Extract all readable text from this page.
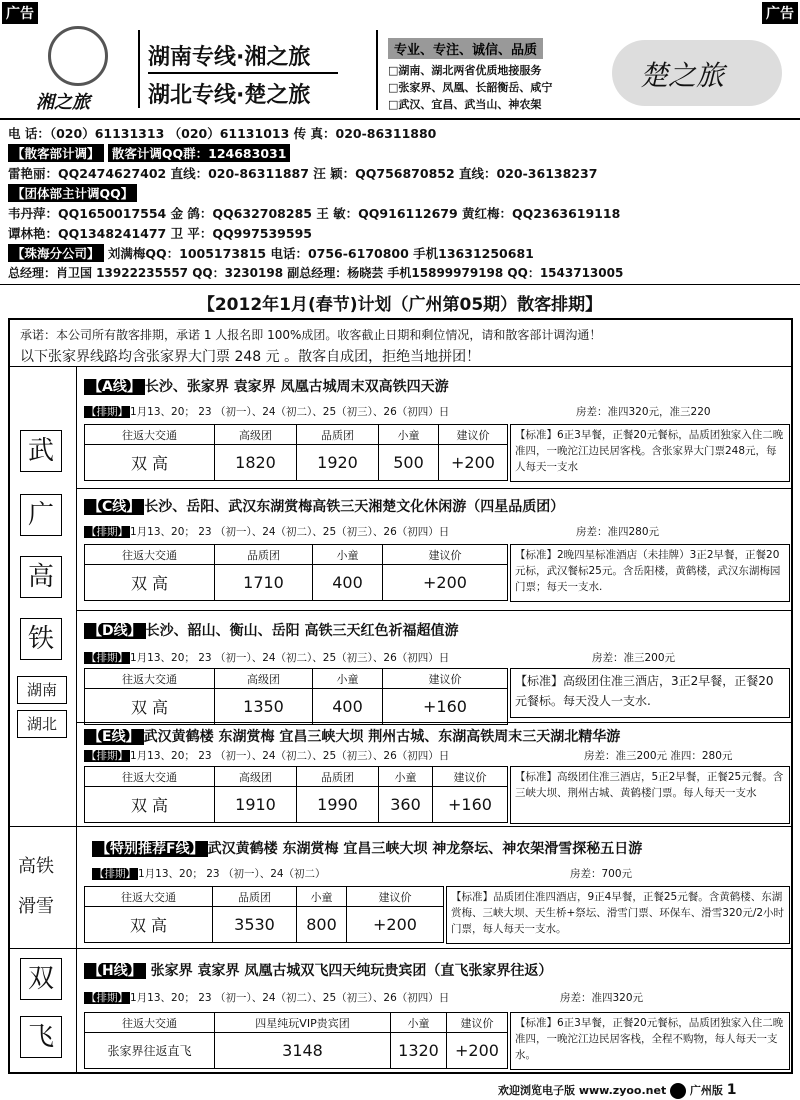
广告	广告
湘之旅
湖南专线·湘之旅
湖北专线·楚之旅
专业、专注、诚信、品质
□湖南、湖北两省优质地接服务
□张家界、凤凰、长韶衡岳、咸宁
□武汉、宜昌、武当山、神农架
楚之旅
电 话：（020）61131313 （020）61131013 传 真：020-86311880
【散客部计调】 散客计调QQ群：124683031
雷艳丽：QQ2474627402 直线：020-86311887 汪 颖：QQ756870852 直线：020-36138237
【团体部主计调QQ】
韦丹萍：QQ1650017554 金 鸽：QQ632708285 王 敏：QQ916112679 黄红梅：QQ2363619118
谭林艳：QQ1348241477 卫 平：QQ997539595
【珠海分公司】 刘满梅QQ：1005173815 电话：0756-6170800 手机13631250681
总经理：肖卫国 13922235557 QQ：3230198 副总经理：杨晓芸 手机15899979198 QQ：1543713005
【2012年1月(春节)计划（广州第05期）散客排期】
承诺：本公司所有散客排期，承诺 1 人报名即 100%成团。收客截止日期和剩位情况，请和散客部计调沟通！
以下张家界线路均含张家界大门票 248 元 。散客自成团，拒绝当地拼团！
武
广
高
铁
湖南
湖北
高铁
滑雪
双
飞
【A线】 长沙、张家界 袁家界 凤凰古城周末双高铁四天游
【排期】 1月13、20； 23 （初一）、24（初二）、25（初三）、26（初四）日	房差：准四320元，准三220
往返大交通	高级团	品质团	小童	建议价
双 高	1820	1920	500	+200
【标准】6正3早餐，正餐20元餐标，品质团独家入住二晚准四，一晚沱江边民居客栈。含张家界大门票248元，每人每天一支水
【C线】 长沙、岳阳、武汉东湖赏梅高铁三天湘楚文化休闲游（四星品质团）
【排期】 1月13、20； 23 （初一）、24（初二）、25（初三）、26（初四）日	房差：准四280元
往返大交通	品质团	小童	建议价
双 高	1710	400	+200
【标准】2晚四星标准酒店（未挂牌）3正2早餐，正餐20元标，武汉餐标25元。含岳阳楼，黄鹤楼，武汉东湖梅园门票；每天一支水.
【D线】 长沙、韶山、衡山、岳阳 高铁三天红色祈福超值游
【排期】 1月13、20； 23 （初一）、24（初二）、25（初三）、26（初四）日	房差：准三200元
往返大交通	高级团	小童	建议价
双 高	1350	400	+160
【标准】高级团住准三酒店，3正2早餐，正餐20元餐标。每天没人一支水.
【E线】 武汉黄鹤楼 东湖赏梅 宜昌三峡大坝 荆州古城、东湖高铁周末三天湖北精华游
【排期】 1月13、20； 23 （初一）、24（初二）、25（初三）、26（初四）日	房差：准三200元 准四：280元
往返大交通	高级团	品质团	小童	建议价
双 高	1910	1990	360	+160
【标准】高级团住准三酒店，5正2早餐，正餐25元餐。含三峡大坝、荆州古城、黄鹤楼门票。每人每天一支水
【特别推荐F线】 武汉黄鹤楼 东湖赏梅 宜昌三峡大坝 神龙祭坛、神农架滑雪探秘五日游
【排期】 1月13、20； 23 （初一）、24（初二）	房差：700元
往返大交通	品质团	小童	建议价
双 高	3530	800	+200
【标准】品质团住准四酒店，9正4早餐，正餐25元餐。含黄鹤楼、东湖赏梅、三峡大坝、天生桥+祭坛、滑雪门票、环保车、滑雪320元/2小时门票，每人每天一支水。
【H线】 张家界 袁家界 凤凰古城双飞四天纯玩贵宾团（直飞张家界往返）
【排期】 1月13、20； 23 （初一）、24（初二）、25（初三）、26（初四）日	房差：准四320元
往返大交通	四星纯玩VIP贵宾团	小童	建议价
张家界往返直飞	3148	1320	+200
【标准】6正3早餐，正餐20元餐标，品质团独家入住二晚准四，一晚沱江边民居客栈，全程不购物，每人每天一支水。
欢迎浏览电子版 www.zyoo.net 广州版 1
